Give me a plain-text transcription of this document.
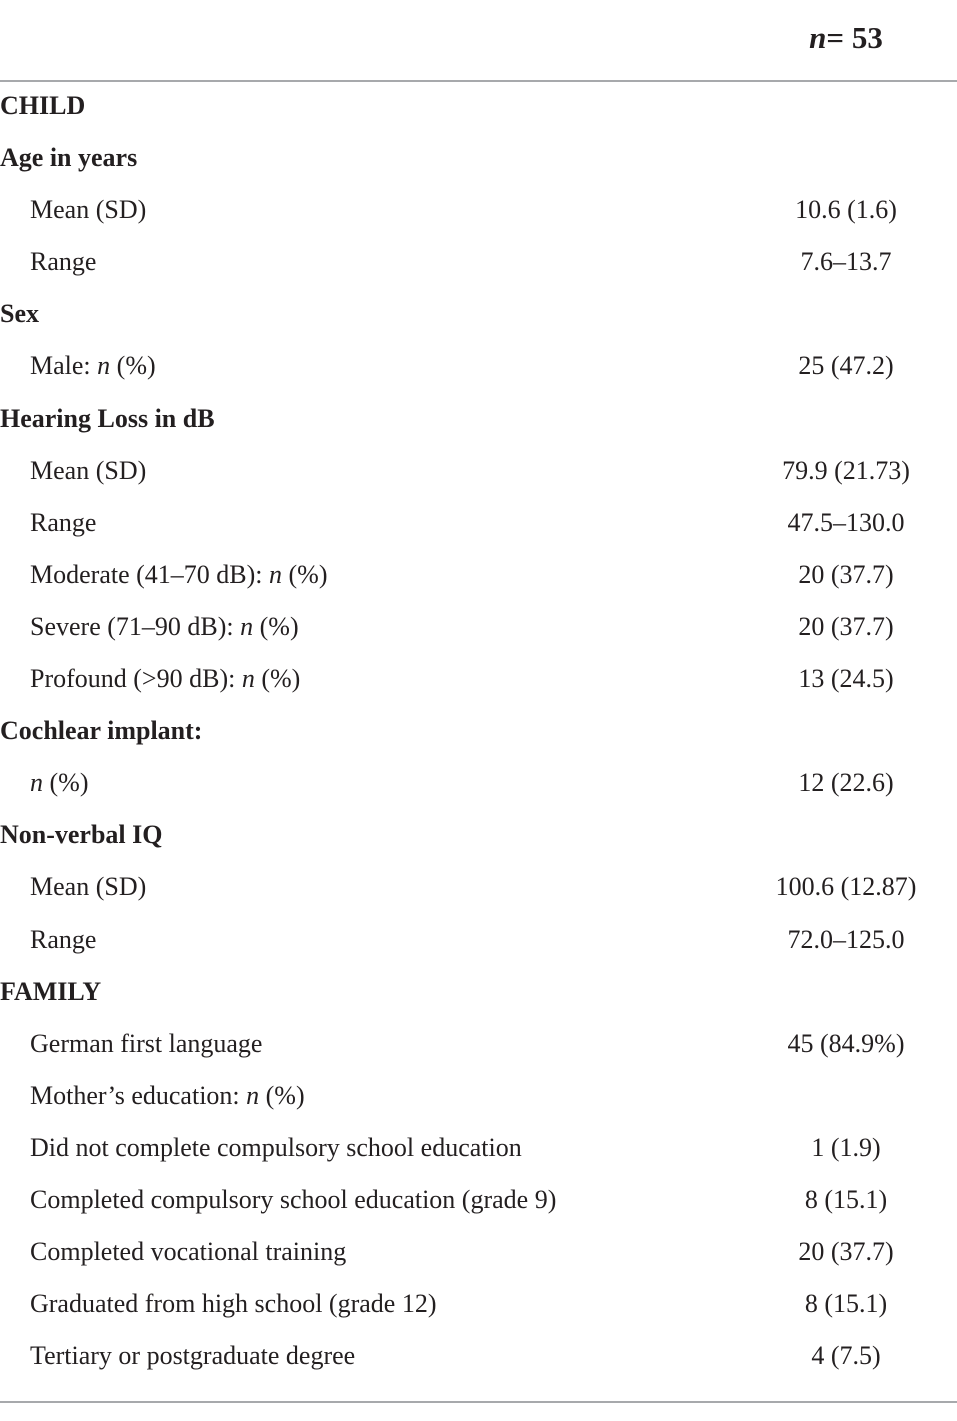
n= 53
CHILD
Age in years
Mean (SD)	10.6 (1.6)
Range	7.6–13.7
Sex
Male: n (%)	25 (47.2)
Hearing Loss in dB
Mean (SD)	79.9 (21.73)
Range	47.5–130.0
Moderate (41–70 dB): n (%)	20 (37.7)
Severe (71–90 dB): n (%)	20 (37.7)
Profound (>90 dB): n (%)	13 (24.5)
Cochlear implant:
n (%)	12 (22.6)
Non-verbal IQ
Mean (SD)	100.6 (12.87)
Range	72.0–125.0
FAMILY
German first language	45 (84.9%)
Mother’s education: n (%)
Did not complete compulsory school education	1 (1.9)
Completed compulsory school education (grade 9)	8 (15.1)
Completed vocational training	20 (37.7)
Graduated from high school (grade 12)	8 (15.1)
Tertiary or postgraduate degree	4 (7.5)
